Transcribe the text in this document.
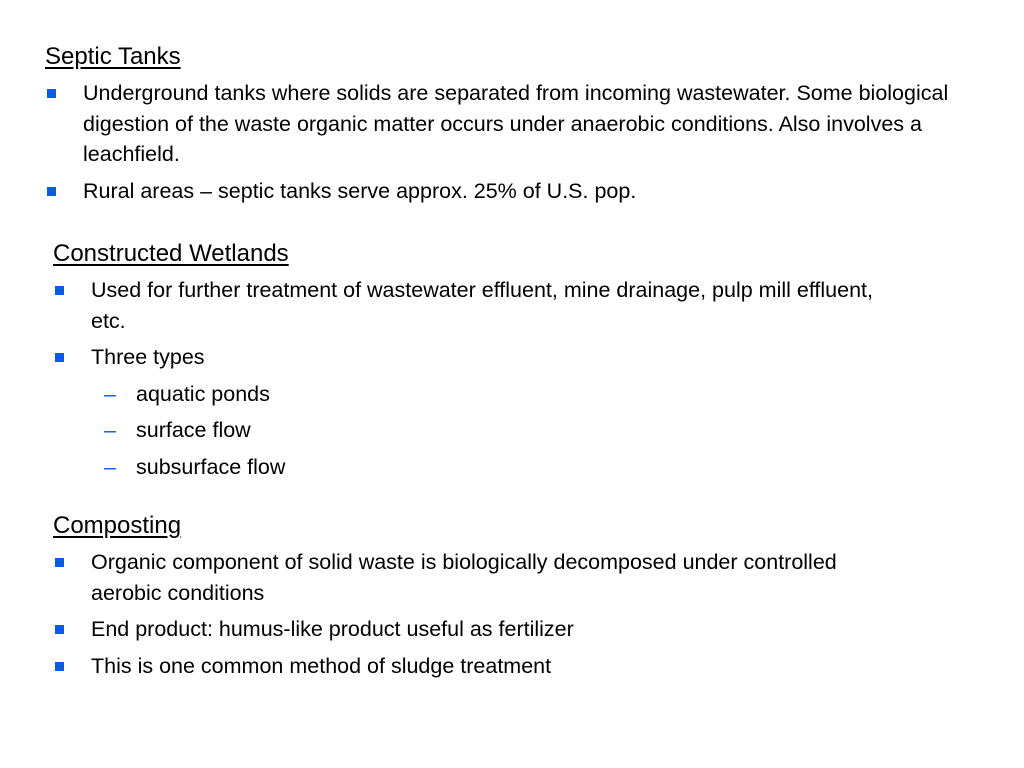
Septic Tanks
Underground tanks where solids are separated from incoming wastewater. Some biological digestion of the waste organic matter occurs under anaerobic conditions. Also involves a leachfield.
Rural areas – septic tanks serve approx. 25% of U.S. pop.
Constructed Wetlands
Used for further treatment of wastewater effluent, mine drainage, pulp mill effluent, etc.
Three types
– aquatic ponds
– surface flow
– subsurface flow
Composting
Organic component of solid waste is biologically decomposed under controlled aerobic conditions
End product: humus-like product useful as fertilizer
This is one common method of sludge treatment
